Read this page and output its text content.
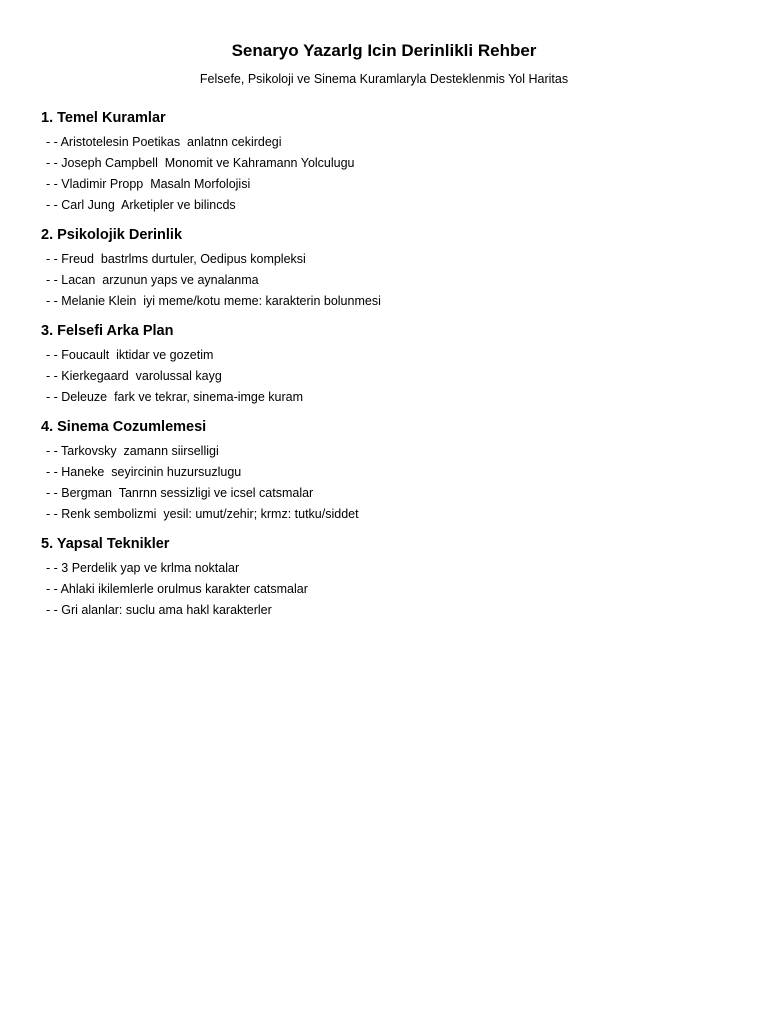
Senaryo Yazarlg Icin Derinlikli Rehber
Felsefe, Psikoloji ve Sinema Kuramlaryla Desteklenmis Yol Haritas
1. Temel Kuramlar
- - Aristotelesin Poetikas  anlatnn cekirdegi
- - Joseph Campbell  Monomit ve Kahramann Yolculugu
- - Vladimir Propp  Masaln Morfolojisi
- - Carl Jung  Arketipler ve bilincds
2. Psikolojik Derinlik
- - Freud  bastrlms durtuler, Oedipus kompleksi
- - Lacan  arzunun yaps ve aynalanma
- - Melanie Klein  iyi meme/kotu meme: karakterin bolunmesi
3. Felsefi Arka Plan
- - Foucault  iktidar ve gozetim
- - Kierkegaard  varolussal kayg
- - Deleuze  fark ve tekrar, sinema-imge kuram
4. Sinema Cozumlemesi
- - Tarkovsky  zamann siirselligi
- - Haneke  seyircinin huzursuzlugu
- - Bergman  Tanrnn sessizligi ve icsel catsmalar
- - Renk sembolizmi  yesil: umut/zehir; krmz: tutku/siddet
5. Yapsal Teknikler
- - 3 Perdelik yap ve krlma noktalar
- - Ahlaki ikilemlerle orulmus karakter catsmalar
- - Gri alanlar: suclu ama hakl karakterler
